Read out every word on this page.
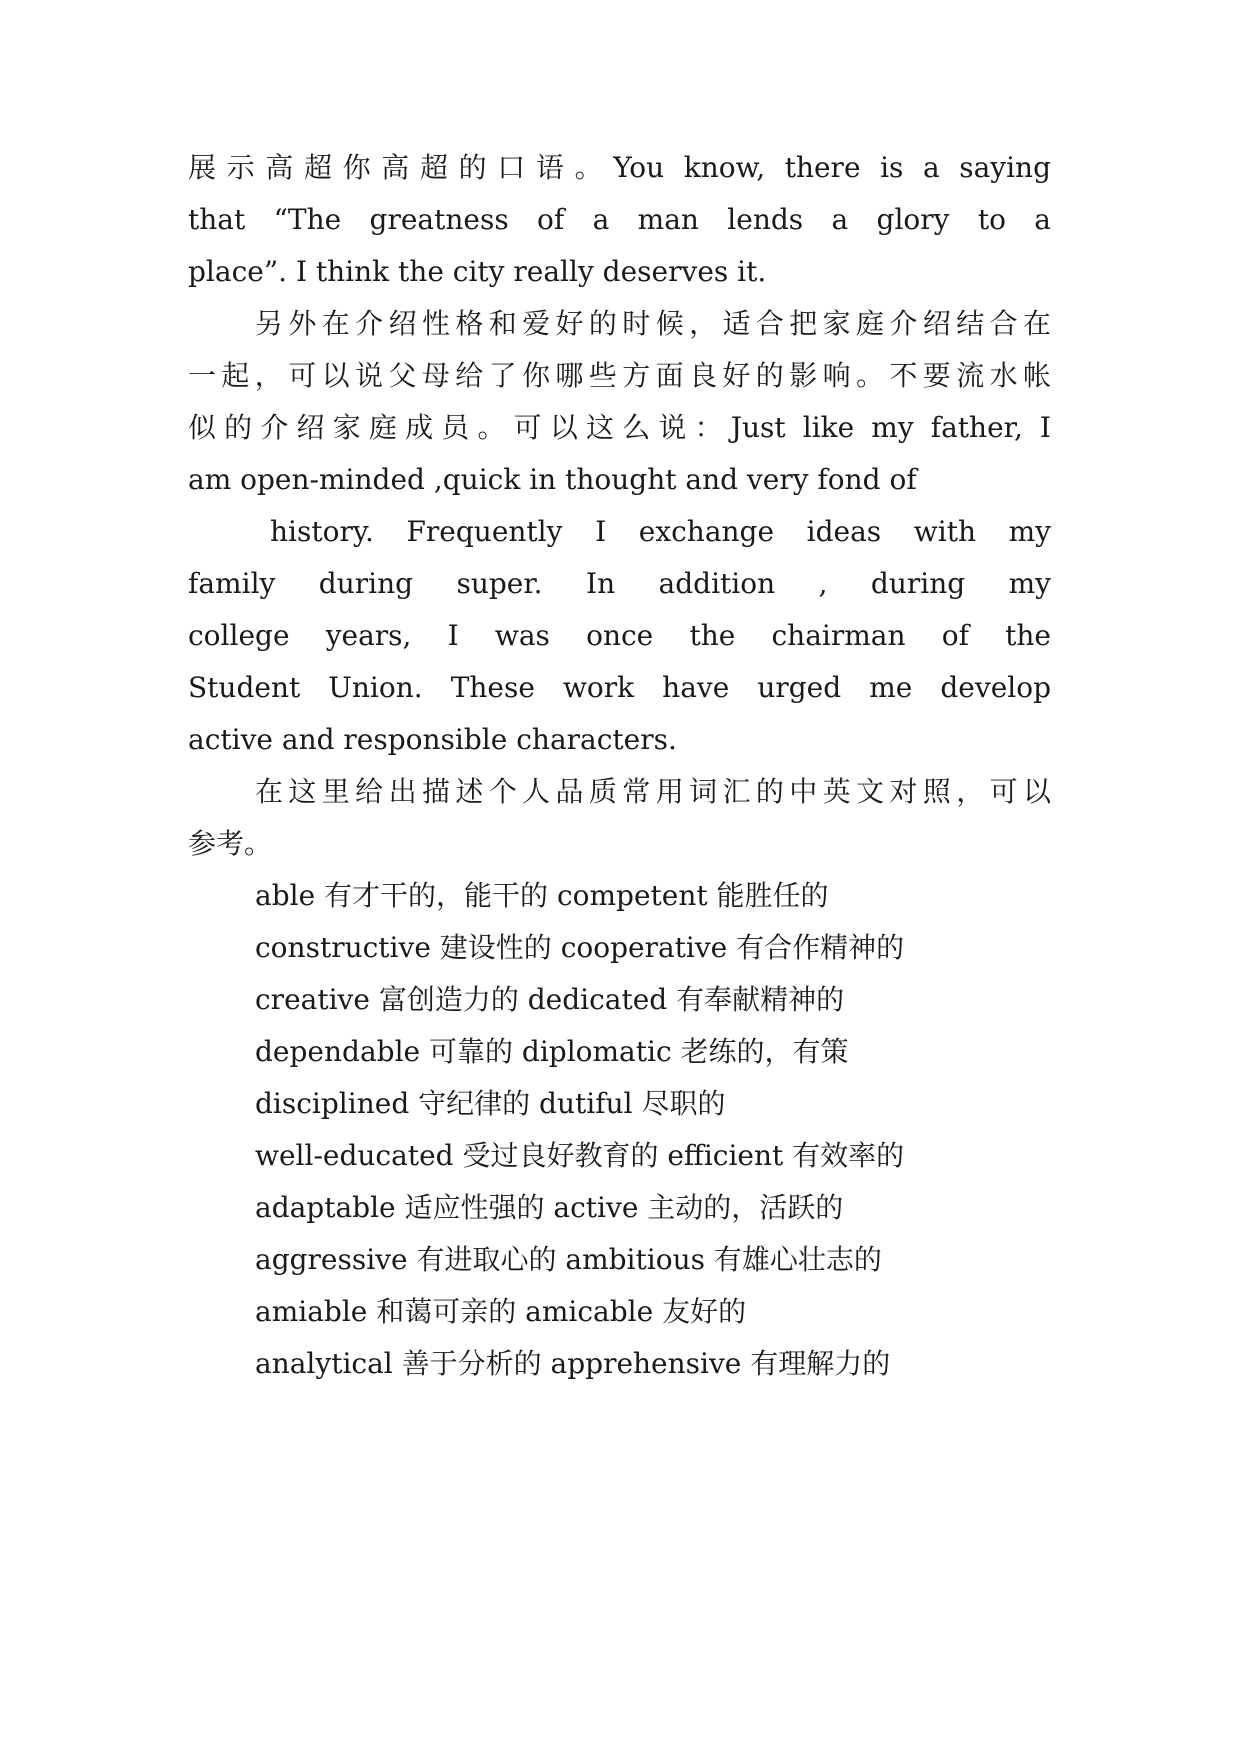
展示高超你高超的口语。You know, there is a saying
that “The greatness of a man lends a glory to a
place”. I think the city really deserves it.
另外在介绍性格和爱好的时候，适合把家庭介绍结合在
一起，可以说父母给了你哪些方面良好的影响。不要流水帐
似的介绍家庭成员。可以这么说：Just like my father, I
am open-minded ,quick in thought and very fond of
history. Frequently I exchange ideas with my
family during super. In addition , during my
college years, I was once the chairman of the
Student Union. These work have urged me develop
active and responsible characters.
在这里给出描述个人品质常用词汇的中英文对照，可以
参考。
able 有才干的，能干的 competent 能胜任的
constructive 建设性的 cooperative 有合作精神的
creative 富创造力的 dedicated 有奉献精神的
dependable 可靠的 diplomatic 老练的，有策
disciplined 守纪律的 dutiful 尽职的
well-educated 受过良好教育的 efficient 有效率的
adaptable 适应性强的 active 主动的，活跃的
aggressive 有进取心的 ambitious 有雄心壮志的
amiable 和蔼可亲的 amicable 友好的
analytical 善于分析的 apprehensive 有理解力的
